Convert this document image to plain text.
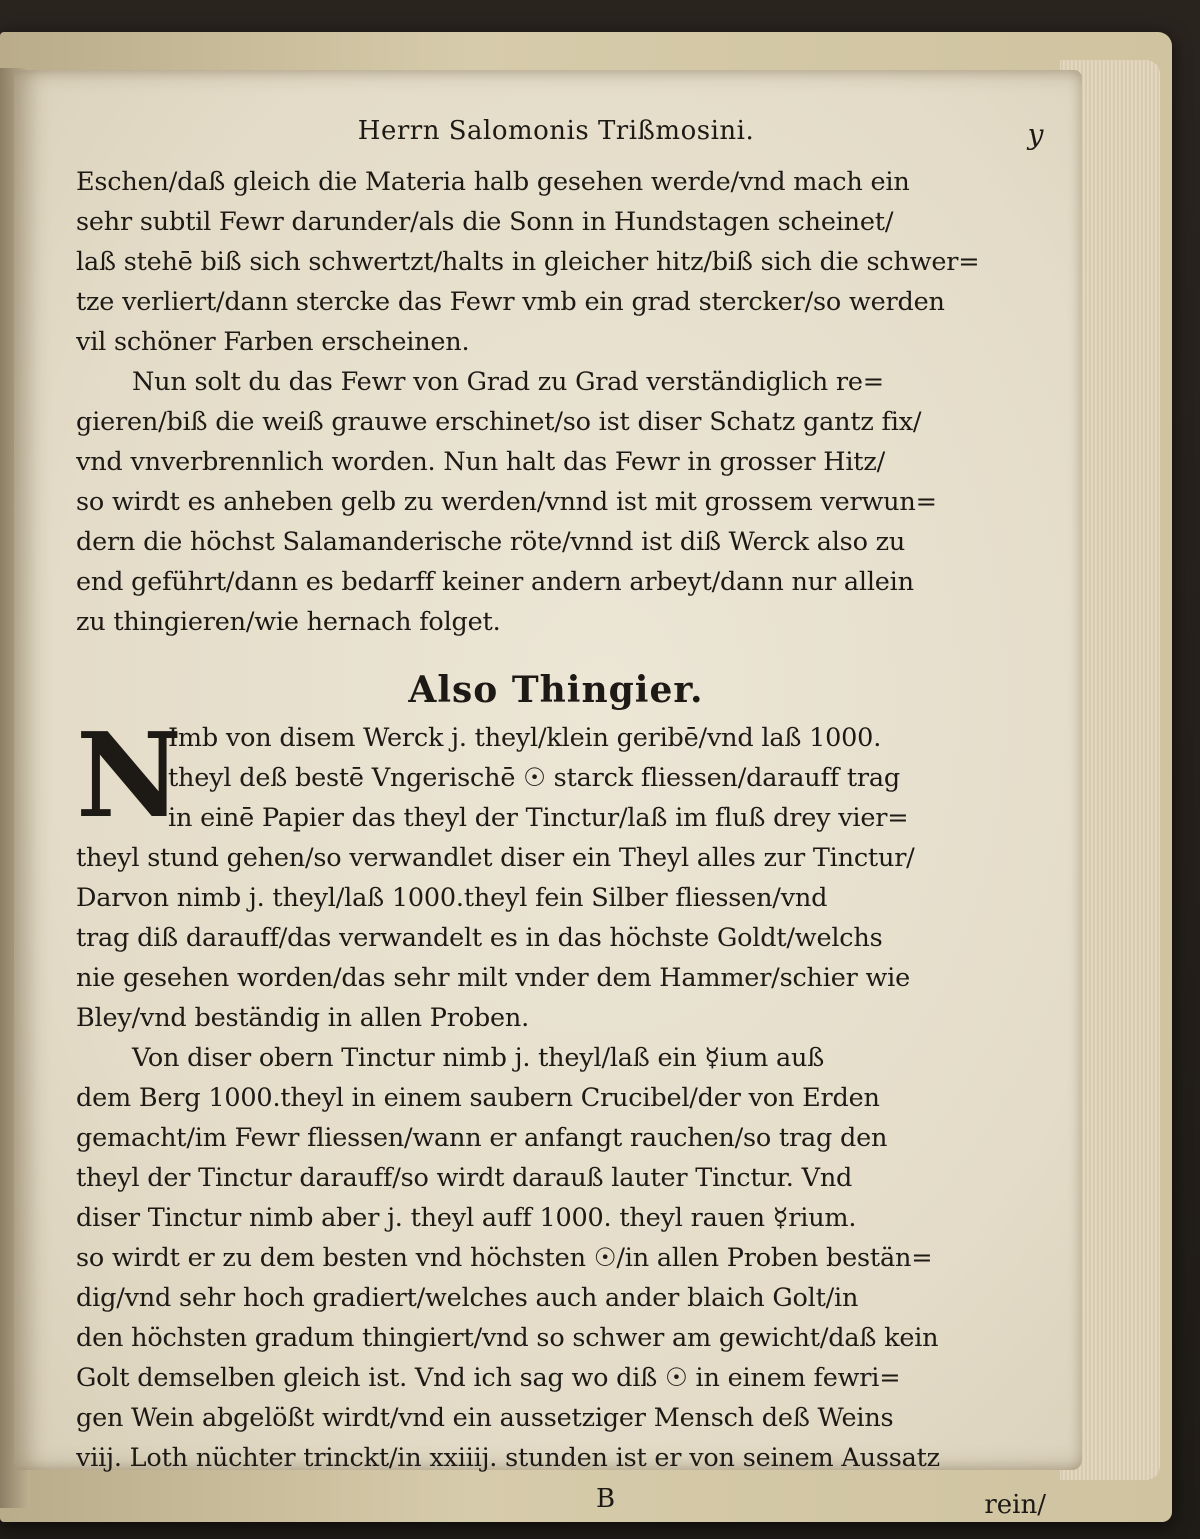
Herrn Salomonis Trißmosini.	y
Eschen/daß gleich die Materia halb gesehen werde/vnd mach ein
sehr subtil Fewr darunder/als die Sonn in Hundstagen scheinet/
laß stehē biß sich schwertzt/halts in gleicher hitz/biß sich die schwer=
tze verliert/dann stercke das Fewr vmb ein grad stercker/so werden
vil schöner Farben erscheinen.
Nun solt du das Fewr von Grad zu Grad verständiglich re=
gieren/biß die weiß grauwe erschinet/so ist diser Schatz gantz fix/
vnd vnverbrennlich worden. Nun halt das Fewr in grosser Hitz/
so wirdt es anheben gelb zu werden/vnnd ist mit grossem verwun=
dern die höchst Salamanderische röte/vnnd ist diß Werck also zu
end geführt/dann es bedarff keiner andern arbeyt/dann nur allein
zu thingieren/wie hernach folget.
Also Thingier.
N
Imb von disem Werck j. theyl/klein geribē/vnd laß 1000.
theyl deß bestē Vngerischē ☉ starck fliessen/darauff trag
in einē Papier das theyl der Tinctur/laß im fluß drey vier=
theyl stund gehen/so verwandlet diser ein Theyl alles zur Tinctur/
Darvon nimb j. theyl/laß 1000.theyl fein Silber fliessen/vnd
trag diß darauff/das verwandelt es in das höchste Goldt/welchs
nie gesehen worden/das sehr milt vnder dem Hammer/schier wie
Bley/vnd beständig in allen Proben.
Von diser obern Tinctur nimb j. theyl/laß ein ☿ium auß
dem Berg 1000.theyl in einem saubern Crucibel/der von Erden
gemacht/im Fewr fliessen/wann er anfangt rauchen/so trag den
theyl der Tinctur darauff/so wirdt darauß lauter Tinctur. Vnd
diser Tinctur nimb aber j. theyl auff 1000. theyl rauen ☿rium.
so wirdt er zu dem besten vnd höchsten ☉/in allen Proben bestän=
dig/vnd sehr hoch gradiert/welches auch ander blaich Golt/in
den höchsten gradum thingiert/vnd so schwer am gewicht/daß kein
Golt demselben gleich ist. Vnd ich sag wo diß ☉ in einem fewri=
gen Wein abgelößt wirdt/vnd ein aussetziger Mensch deß Weins
viij. Loth nüchter trinckt/in xxiiij. stunden ist er von seinem Aussatz
B	rein/
